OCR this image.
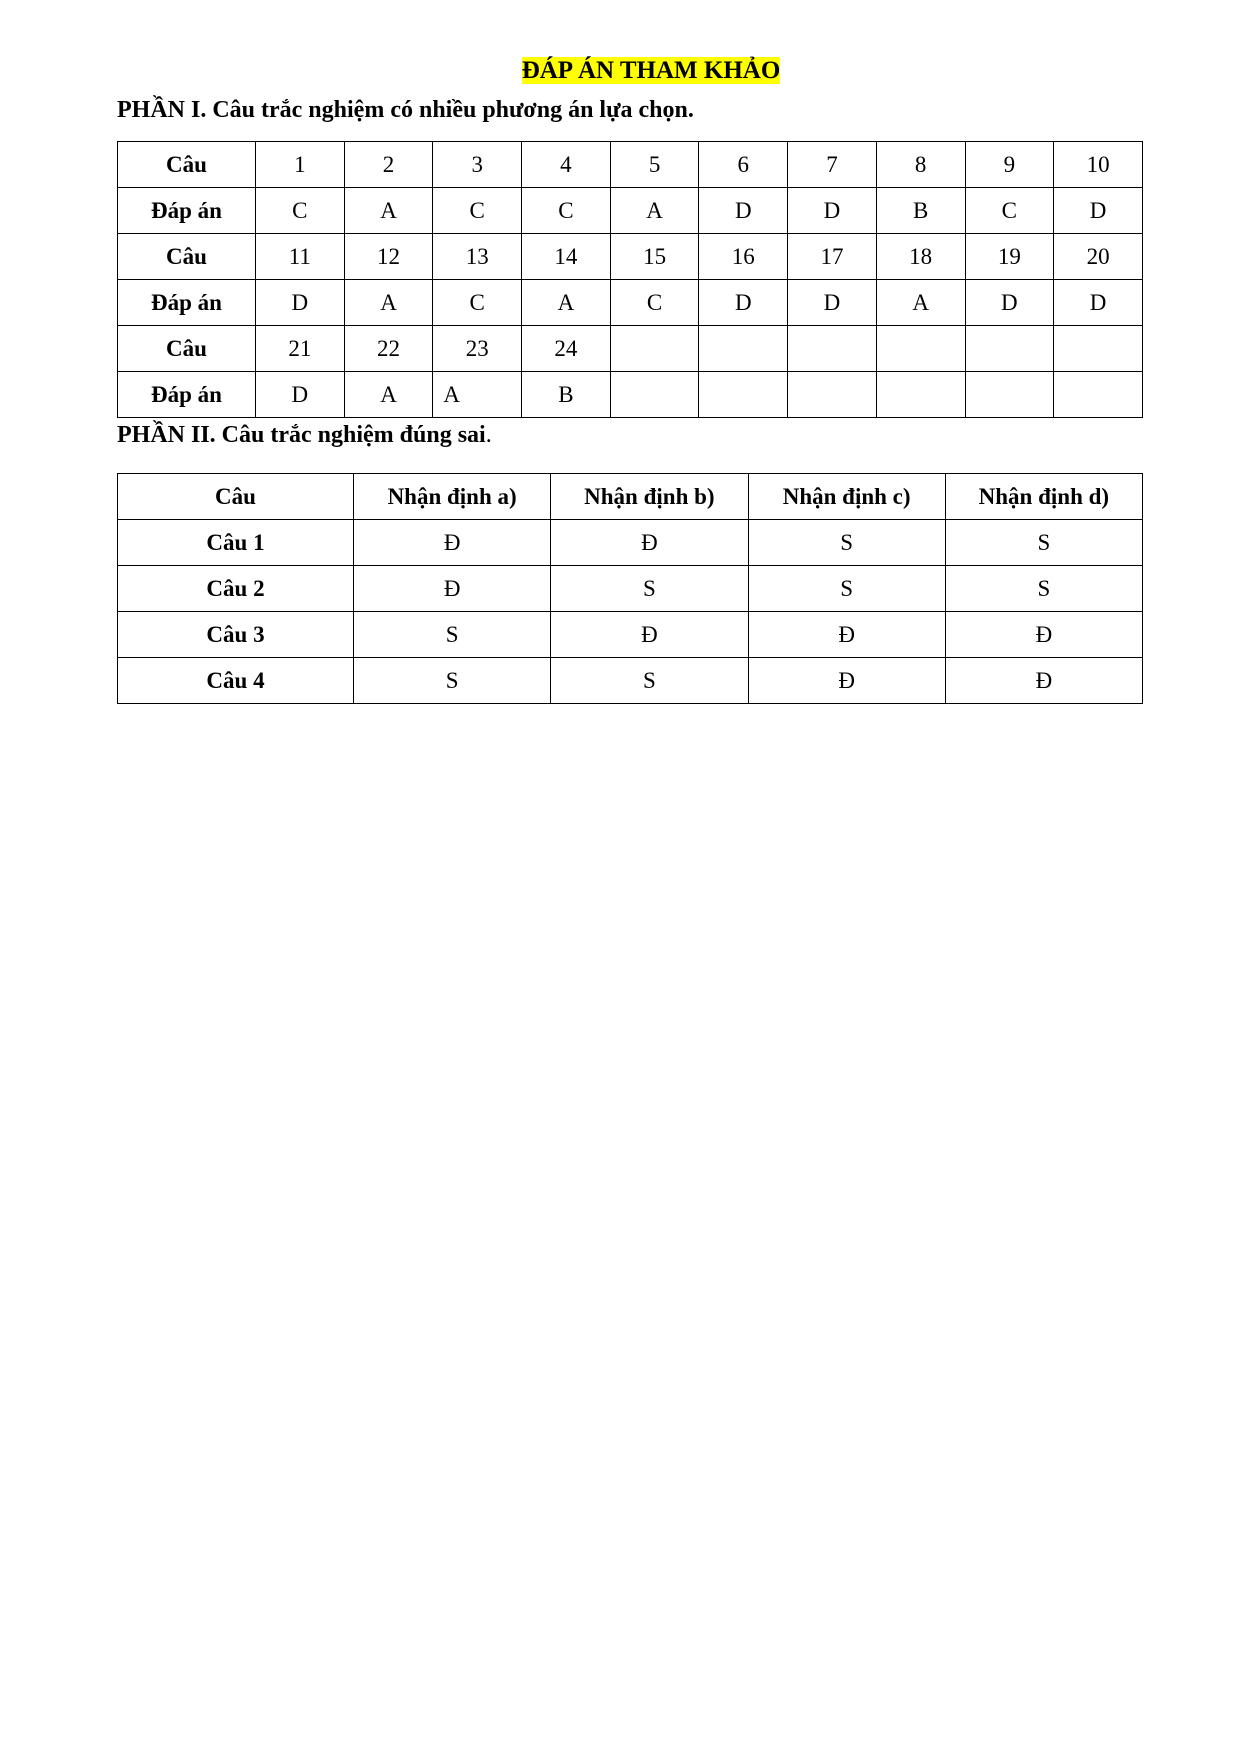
ĐÁP ÁN THAM KHẢO
PHẦN I. Câu trắc nghiệm có nhiều phương án lựa chọn.
Câu	1	2	3	4	5	6	7	8	9	10
Đáp án	C	A	C	C	A	D	D	B	C	D
Câu	11	12	13	14	15	16	17	18	19	20
Đáp án	D	A	C	A	C	D	D	A	D	D
Câu	21	22	23	24						
Đáp án	D	A	A	B						
PHẦN II. Câu trắc nghiệm đúng sai.
Câu	Nhận định a)	Nhận định b)	Nhận định c)	Nhận định d)
Câu 1	Đ	Đ	S	S
Câu 2	Đ	S	S	S
Câu 3	S	Đ	Đ	Đ
Câu 4	S	S	Đ	Đ
